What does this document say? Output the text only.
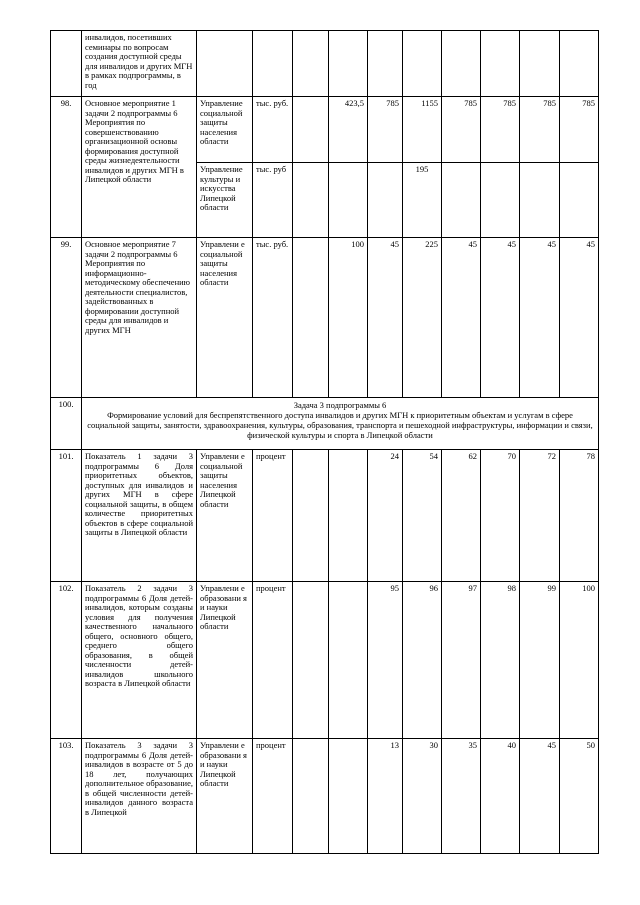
	инвалидов, посетивших семинары по вопросам создания доступной среды для инвалидов и других МГН в рамках подпрограммы, в год										
98.	Основное мероприятие 1 задачи 2 подпрограммы 6 Мероприятия по совершенствованию организационной основы формирования доступной среды жизнедеятельности инвалидов и других МГН в Липецкой области	Управление социальной защиты населения области	тыс. руб.		423,5	785	1155	785	785	785	785
		Управление культуры и искусства Липецкой области	тыс. руб				195				
99.	Основное мероприятие 7 задачи 2 подпрограммы 6 Мероприятия по информационно-методическому обеспечению деятельности специалистов, задействованных в формировании доступной среды для инвалидов и других МГН	Управлени е социальной защиты населения области	тыс. руб.		100	45	225	45	45	45	45
100.	Задача 3 подпрограммы 6
Формирование условий для беспрепятственного доступа инвалидов и других МГН к приоритетным объектам и услугам в сфере социальной защиты, занятости, здравоохранения, культуры, образования, транспорта и пешеходной инфраструктуры, информации и связи, физической культуры и спорта в Липецкой области										

101.	Показатель 1 задачи 3 подпрограммы 6 Доля приоритетных объектов, доступных для инвалидов и других МГН в сфере социальной защиты, в общем количестве приоритетных объектов в сфере социальной защиты в Липецкой области	Управлени е социальной защиты населения Липецкой области	процент			24	54	62	70	72	78
102.	Показатель 2 задачи 3 подпрограммы 6 Доля детей-инвалидов, которым созданы условия для получения качественного начального общего, основного общего, среднего общего образования, в общей численности детей-инвалидов школьного возраста в Липецкой области	Управлени е образовани я и науки Липецкой области	процент			95	96	97	98	99	100
103.	Показатель 3 задачи 3 подпрограммы 6 Доля детей-инвалидов в возрасте от 5 до 18 лет, получающих дополнительное образование, в общей численности детей-инвалидов данного возраста в Липецкой	Управлени е образовани я и науки Липецкой области	процент			13	30	35	40	45	50
